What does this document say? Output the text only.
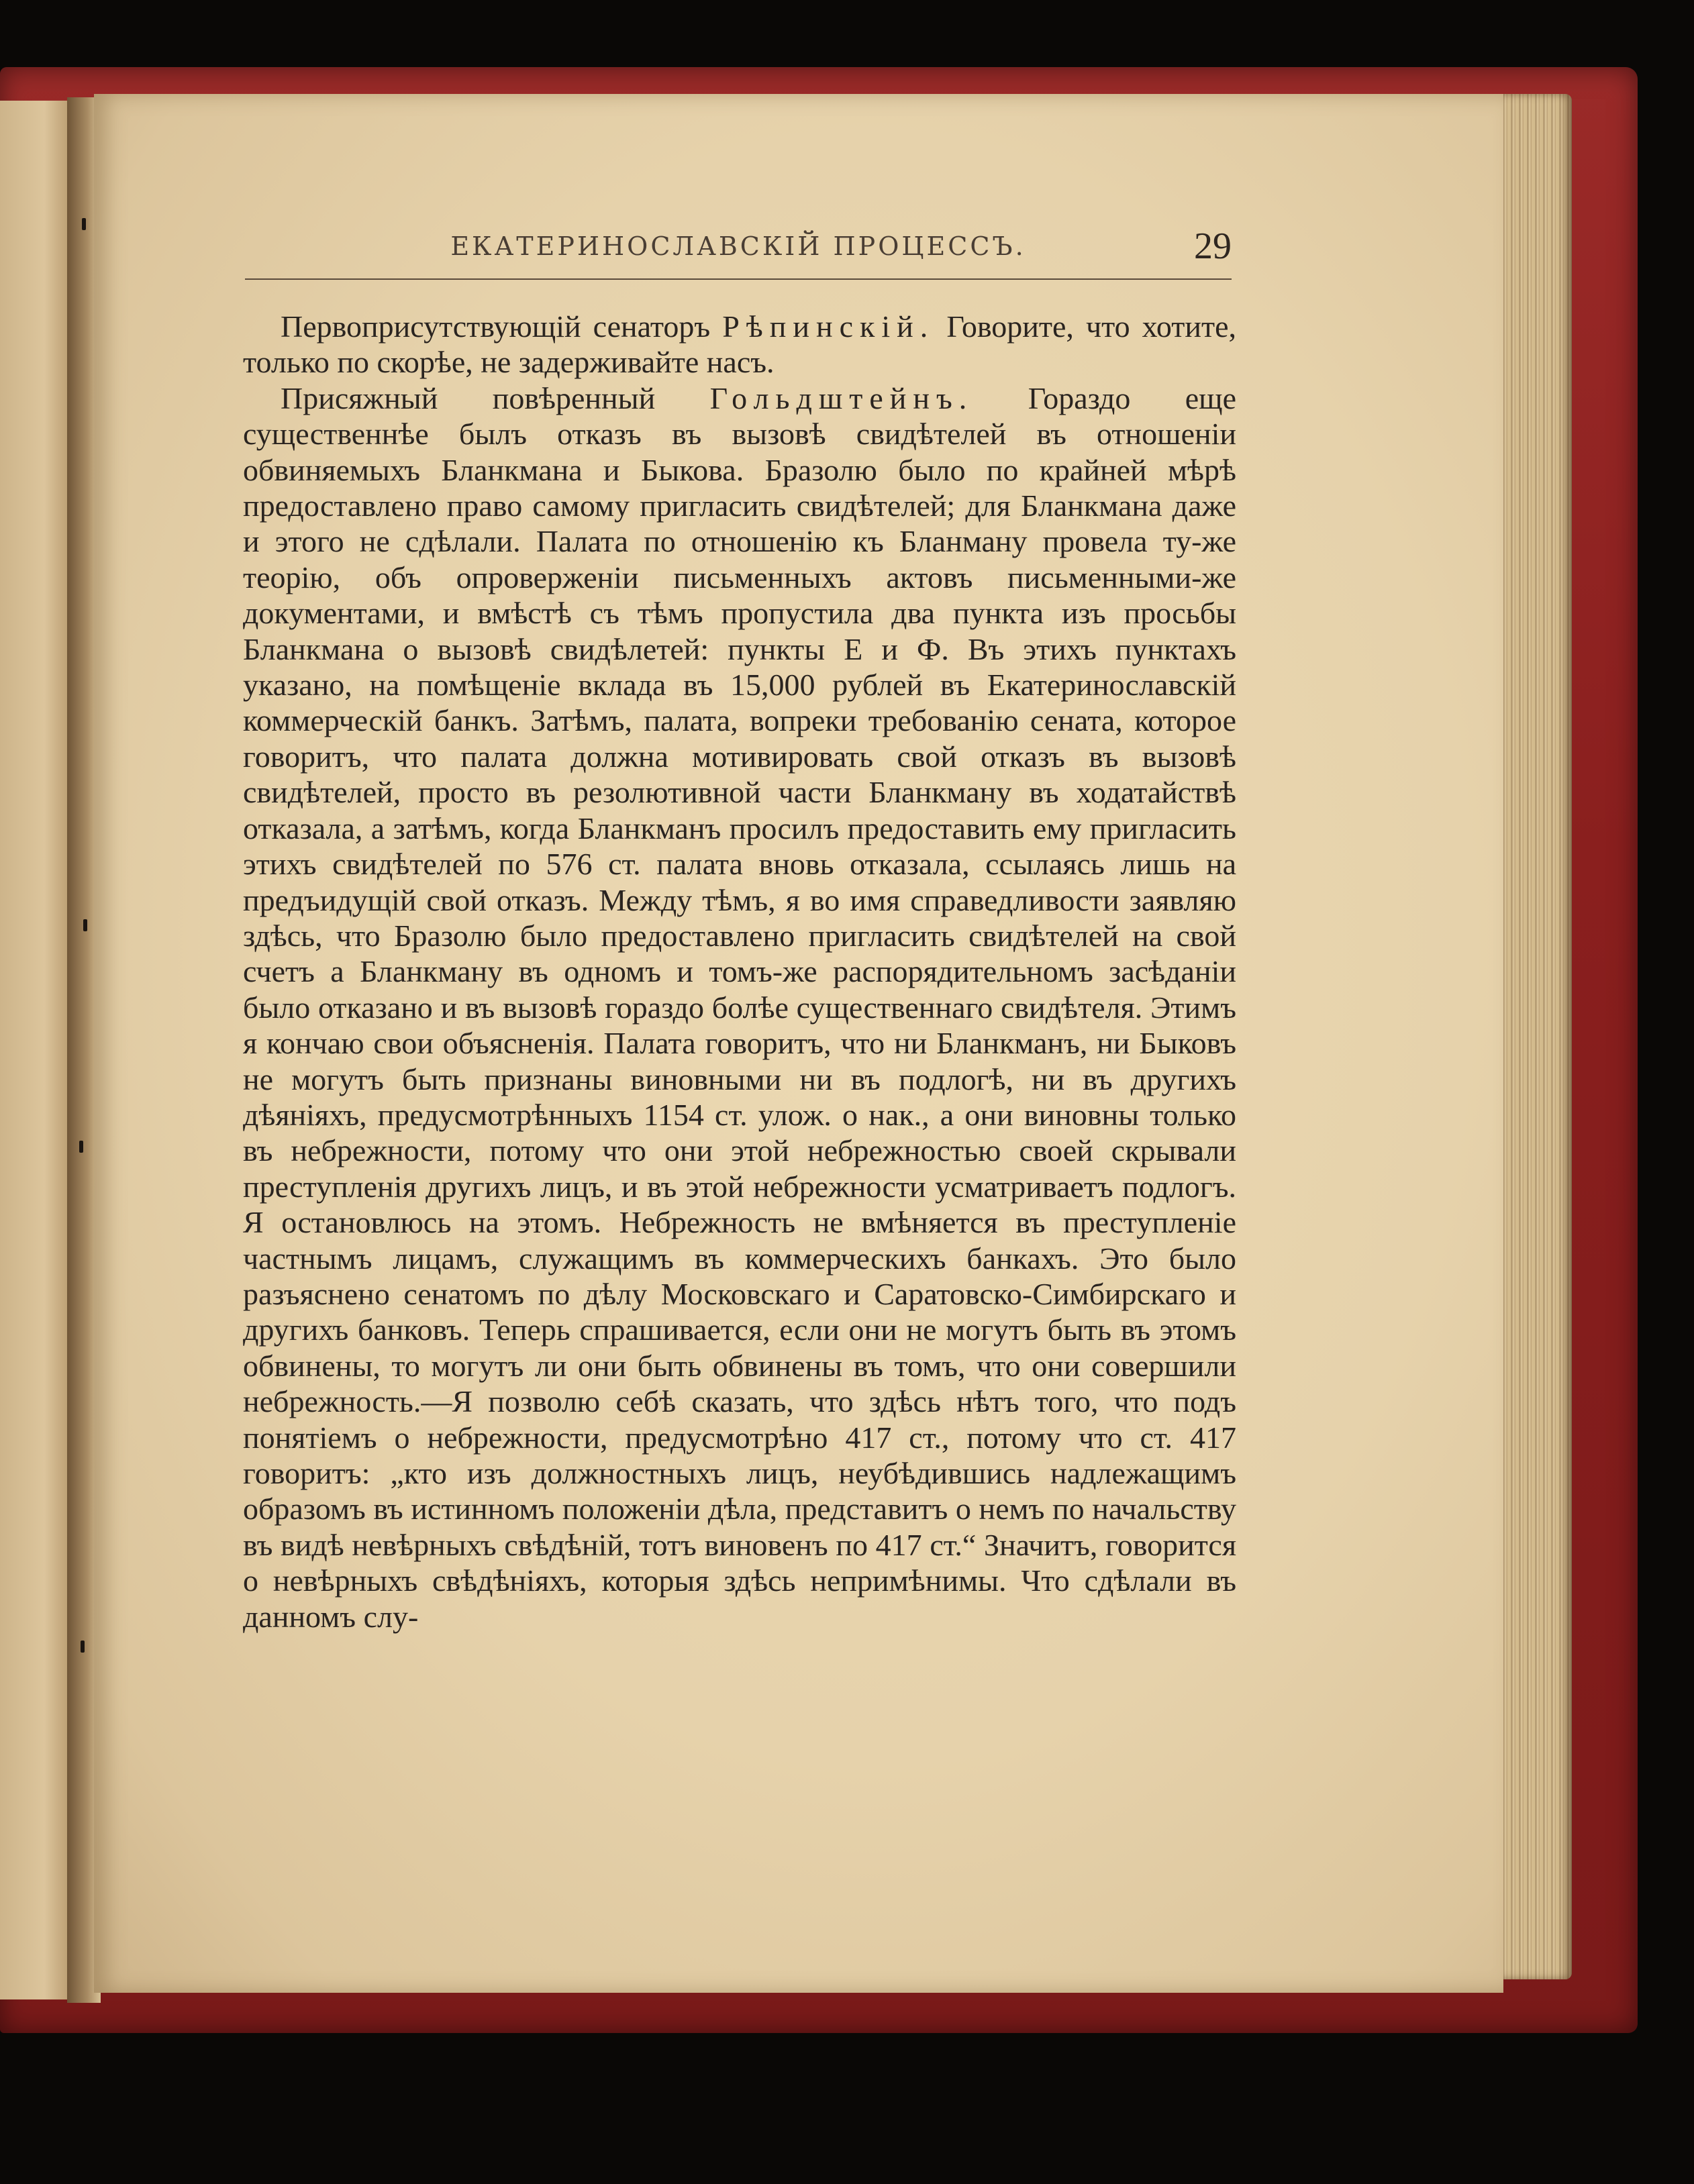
ЕКАТЕРИНОСЛАВСКІЙ ПРОЦЕССЪ.	29

Первоприсутствующій сенаторъ Рѣпинскій. Говорите, что хотите, только по скорѣе, не задерживайте насъ.

Присяжный повѣренный Гольдштейнъ. Гораздо еще существеннѣе былъ отказъ въ вызовѣ свидѣтелей въ отношеніи обвиняемыхъ Бланкмана и Быкова. Бразолю было по крайней мѣрѣ предоставлено право самому пригласить свидѣтелей; для Бланкмана даже и этого не сдѣлали. Палата по отношенію къ Бланману провела ту-же теорію, объ опроверженіи письменныхъ актовъ письменными-же документами, и вмѣстѣ съ тѣмъ пропустила два пункта изъ просьбы Бланкмана о вызовѣ свидѣлетей: пункты Е и Ф. Въ этихъ пунктахъ указано, на помѣщеніе вклада въ 15,000 рублей въ Екатеринославскій коммерческій банкъ. Затѣмъ, палата, вопреки требованію сената, которое говоритъ, что палата должна мотивировать свой отказъ въ вызовѣ свидѣтелей, просто въ резолютивной части Бланкману въ ходатайствѣ отказала, а затѣмъ, когда Бланкманъ просилъ предоставить ему пригласить этихъ свидѣтелей по 576 ст. палата вновь отказала, ссылаясь лишь на предъидущій свой отказъ. Между тѣмъ, я во имя справедливости заявляю здѣсь, что Бразолю было предоставлено пригласить свидѣтелей на свой счетъ а Бланкману въ одномъ и томъ-же распорядительномъ засѣданіи было отказано и въ вызовѣ гораздо болѣе существеннаго свидѣтеля. Этимъ я кончаю свои объясненія. Палата говоритъ, что ни Бланкманъ, ни Быковъ не могутъ быть признаны виновными ни въ подлогѣ, ни въ другихъ дѣяніяхъ, предусмотрѣнныхъ 1154 ст. улож. о нак., а они виновны только въ небрежности, потому что они этой небрежностью своей скрывали преступленія другихъ лицъ, и въ этой небрежности усматриваетъ подлогъ. Я остановлюсь на этомъ. Небрежность не вмѣняется въ преступленіе частнымъ лицамъ, служащимъ въ коммерческихъ банкахъ. Это было разъяснено сенатомъ по дѣлу Московскаго и Саратовско-Симбирскаго и другихъ банковъ. Теперь спрашивается, если они не могутъ быть въ этомъ обвинены, то могутъ ли они быть обвинены въ томъ, что они совершили небрежность.—Я позволю себѣ сказать, что здѣсь нѣтъ того, что подъ понятіемъ о небрежности, предусмотрѣно 417 ст., потому что ст. 417 говоритъ: „кто изъ должностныхъ лицъ, неубѣдившись надлежащимъ образомъ въ истинномъ положеніи дѣла, представитъ о немъ по начальству въ видѣ невѣрныхъ свѣдѣній, тотъ виновенъ по 417 ст.“ Значитъ, говорится о невѣрныхъ свѣдѣніяхъ, которыя здѣсь непримѣнимы. Что сдѣлали въ данномъ слу-
